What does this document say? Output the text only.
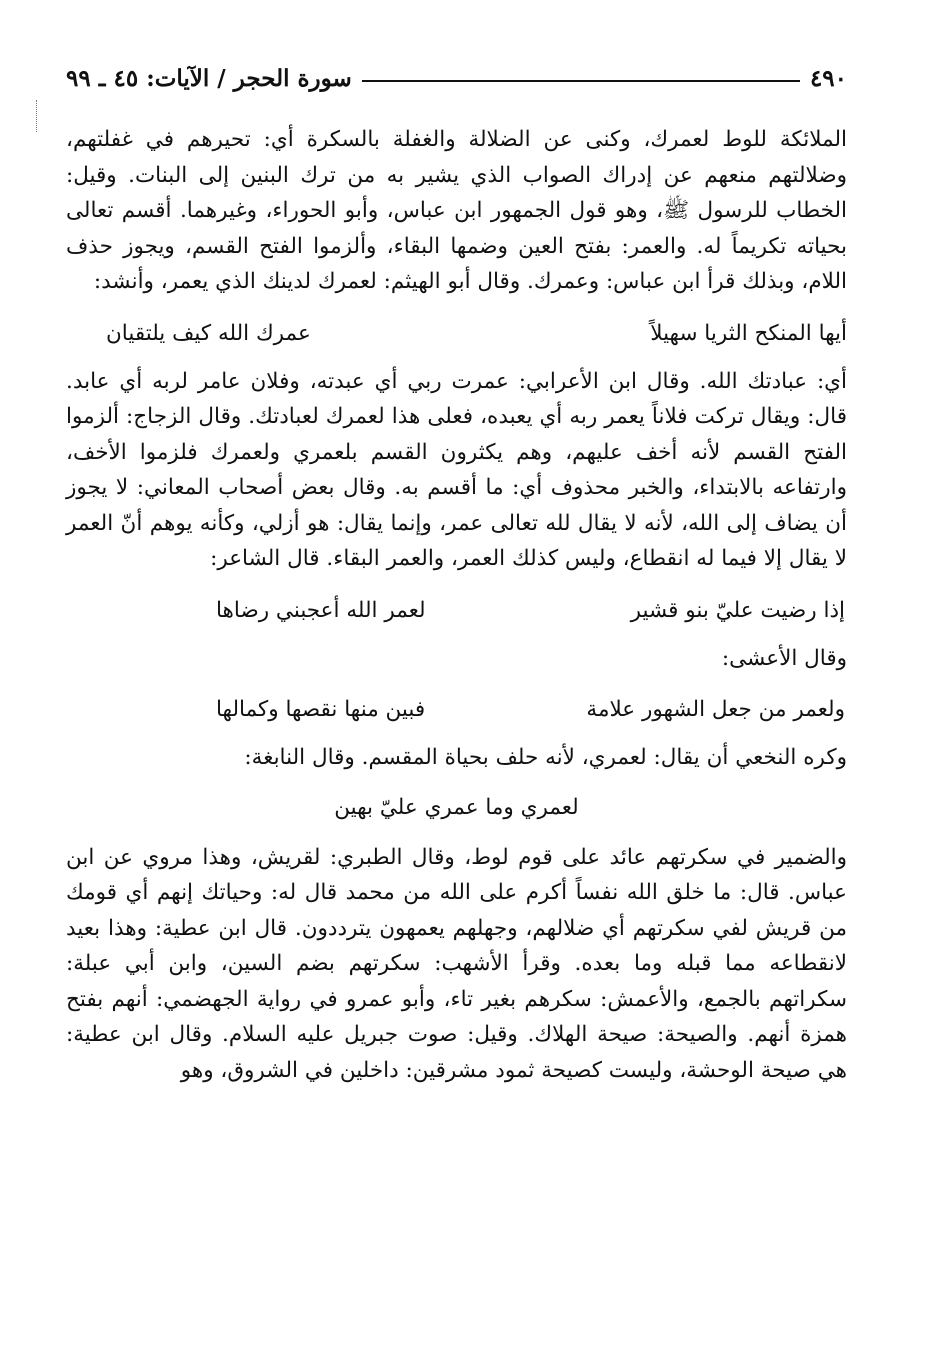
٤٩٠
سورة الحجر / الآيات: ٤٥ ـ ٩٩

الملائكة للوط لعمرك، وكنى عن الضلالة والغفلة بالسكرة أي: تحيرهم في غفلتهم، وضلالتهم منعهم عن إدراك الصواب الذي يشير به من ترك البنين إلى البنات. وقيل: الخطاب للرسول ﷺ، وهو قول الجمهور ابن عباس، وأبو الحوراء، وغيرهما. أقسم تعالى بحياته تكريماً له. والعمر: بفتح العين وضمها البقاء، وألزموا الفتح القسم، ويجوز حذف اللام، وبذلك قرأ ابن عباس: وعمرك. وقال أبو الهيثم: لعمرك لدينك الذي يعمر، وأنشد:

أيها المنكح الثريا سهيلاً
عمرك الله كيف يلتقيان

أي: عبادتك الله. وقال ابن الأعرابي: عمرت ربي أي عبدته، وفلان عامر لربه أي عابد. قال: ويقال تركت فلاناً يعمر ربه أي يعبده، فعلى هذا لعمرك لعبادتك. وقال الزجاج: ألزموا الفتح القسم لأنه أخف عليهم، وهم يكثرون القسم بلعمري ولعمرك فلزموا الأخف، وارتفاعه بالابتداء، والخبر محذوف أي: ما أقسم به. وقال بعض أصحاب المعاني: لا يجوز أن يضاف إلى الله، لأنه لا يقال لله تعالى عمر، وإنما يقال: هو أزلي، وكأنه يوهم أنّ العمر لا يقال إلا فيما له انقطاع، وليس كذلك العمر، والعمر البقاء. قال الشاعر:

إذا رضيت عليّ بنو قشير
لعمر الله أعجبني رضاها

وقال الأعشى:

ولعمر من جعل الشهور علامة
فبين منها نقصها وكمالها

وكره النخعي أن يقال: لعمري، لأنه حلف بحياة المقسم. وقال النابغة:

لعمري وما عمري عليّ بهين

والضمير في سكرتهم عائد على قوم لوط، وقال الطبري: لقريش، وهذا مروي عن ابن عباس. قال: ما خلق الله نفساً أكرم على الله من محمد قال له: وحياتك إنهم أي قومك من قريش لفي سكرتهم أي ضلالهم، وجهلهم يعمهون يترددون. قال ابن عطية: وهذا بعيد لانقطاعه مما قبله وما بعده. وقرأ الأشهب: سكرتهم بضم السين، وابن أبي عبلة: سكراتهم بالجمع، والأعمش: سكرهم بغير تاء، وأبو عمرو في رواية الجهضمي: أنهم بفتح همزة أنهم. والصيحة: صيحة الهلاك. وقيل: صوت جبريل عليه السلام. وقال ابن عطية: هي صيحة الوحشة، وليست كصيحة ثمود مشرقين: داخلين في الشروق، وهو
